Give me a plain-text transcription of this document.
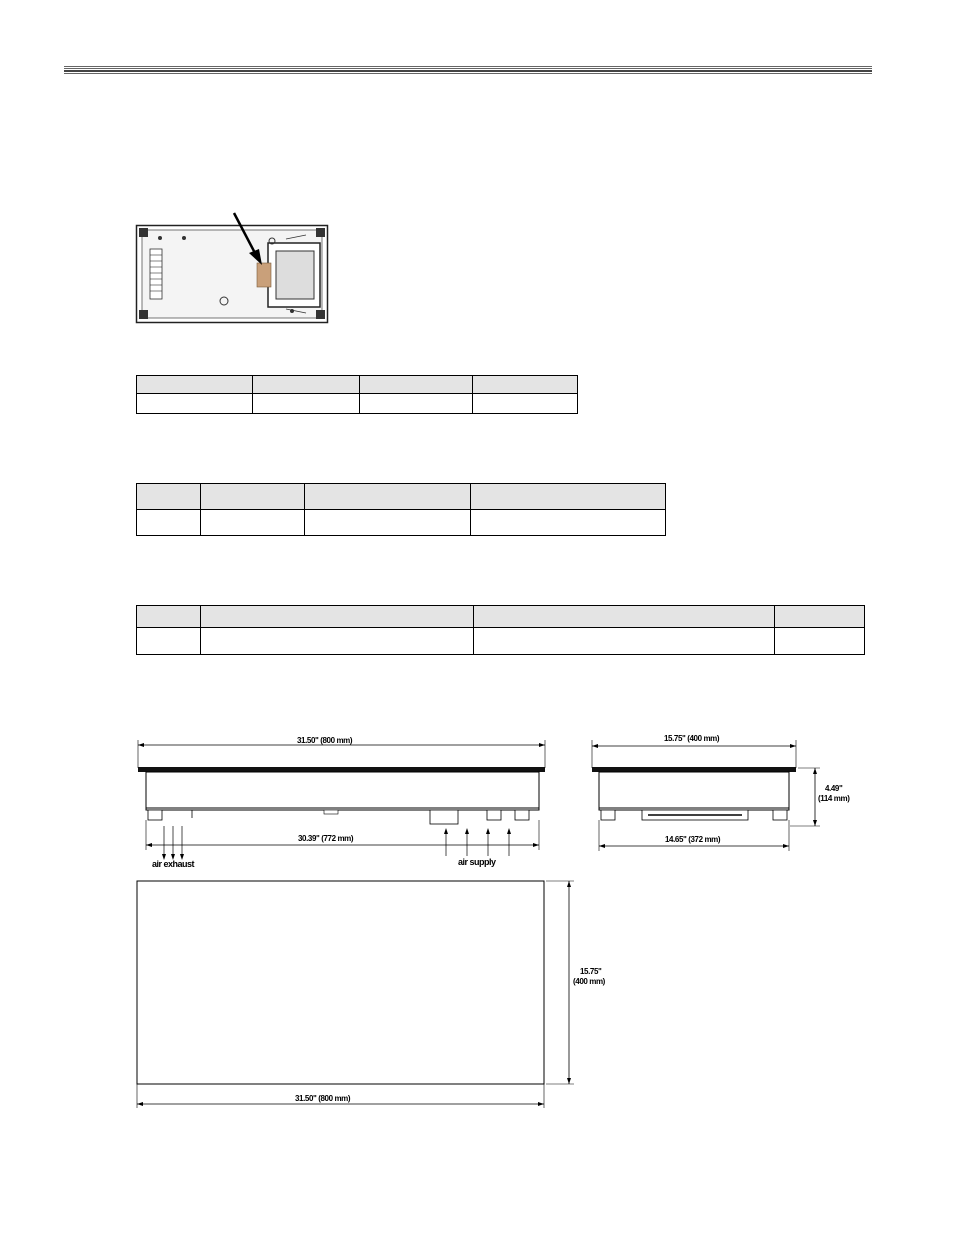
31.50" (800 mm)
30.39" (772 mm)
air exhaust	air supply
15.75" (400 mm)
14.65" (372 mm)
4.49"
(114 mm)
15.75"
(400 mm)
31.50" (800 mm)
